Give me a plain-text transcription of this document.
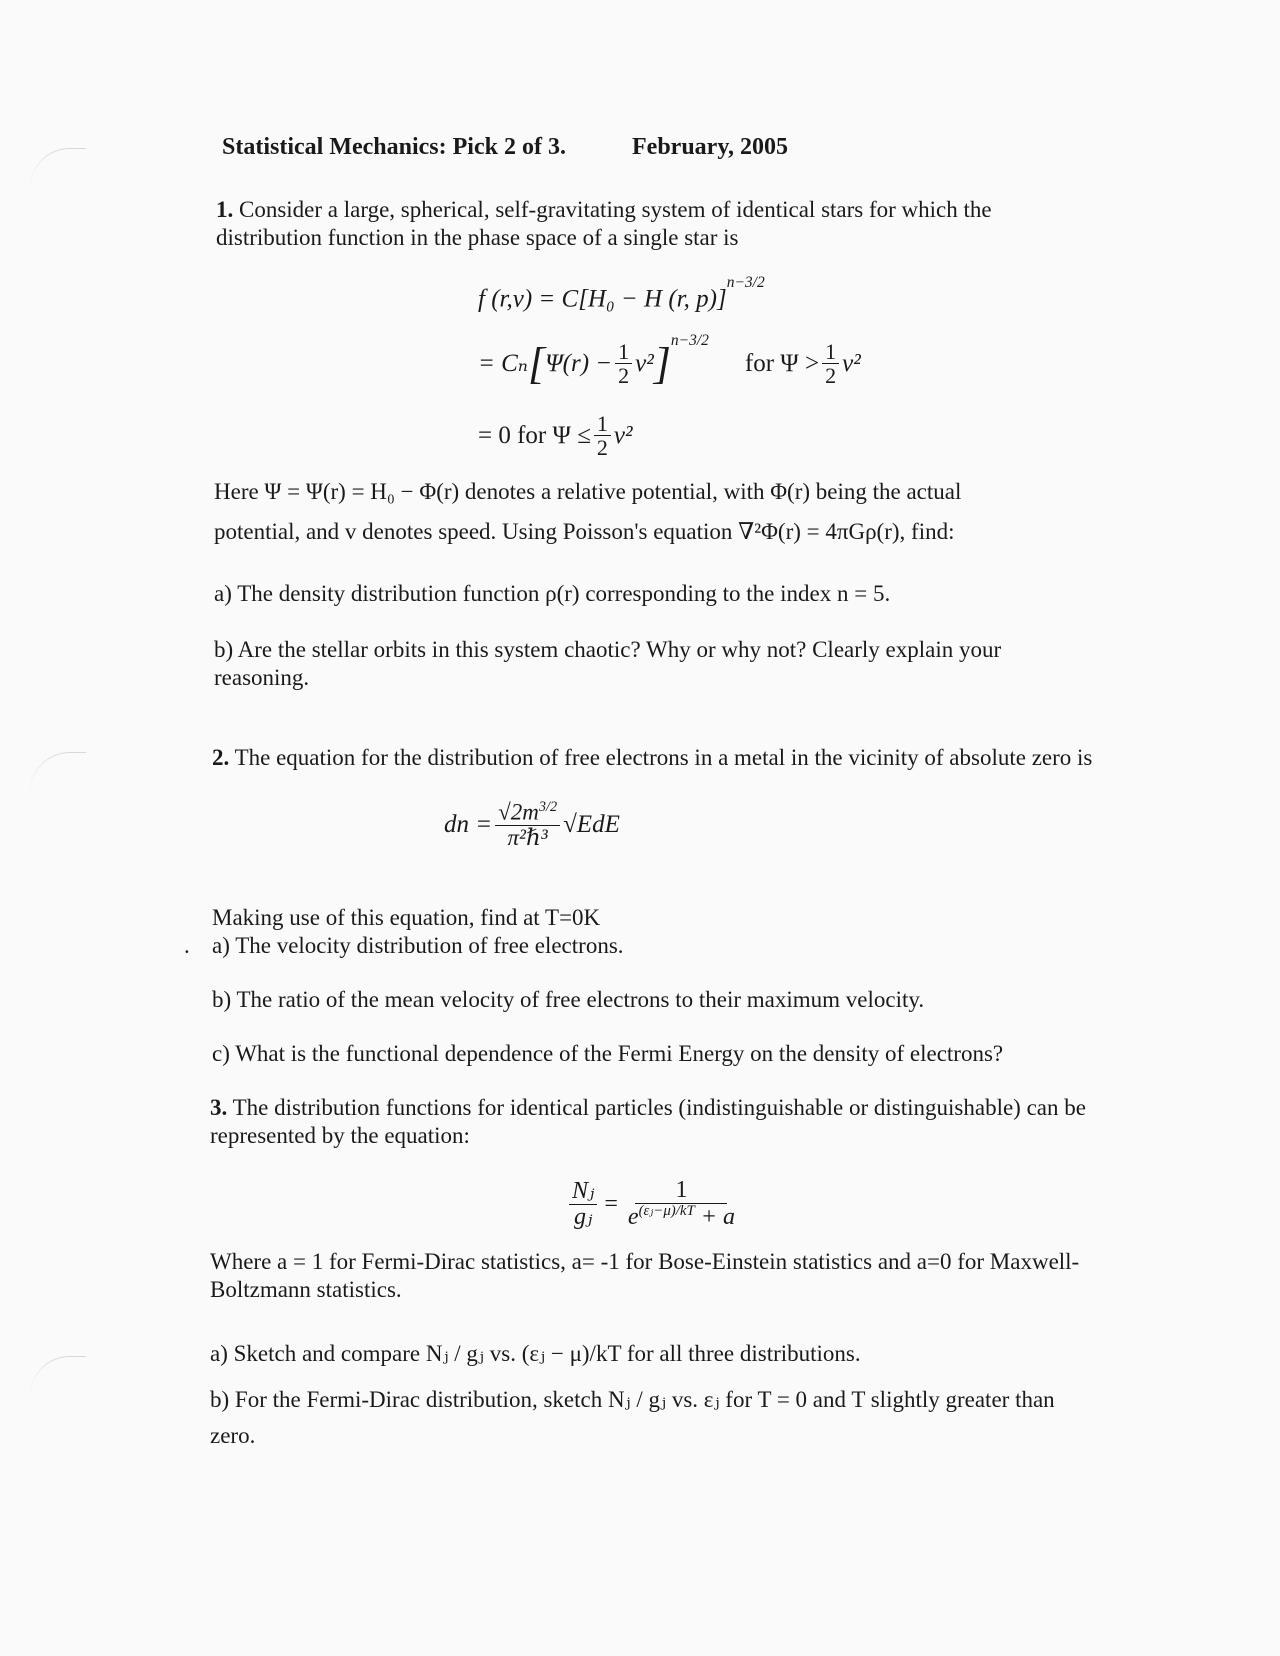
Statistical Mechanics: Pick 2 of 3.	February, 2005
1. Consider a large, spherical, self-gravitating system of identical stars for which the distribution function in the phase space of a single star is
f (r,v) = C[H₀ − H (r, p)]$^{n-3/2}$
= Cₙ [ $\Psi(r) - \frac{1}{2} v^2$ ]$^{n-3/2}$
for $\Psi > \frac{1}{2} v^2$
= 0 for $\Psi \le \frac{1}{2} v^2$
Here Ψ = Ψ(r) = H₀ − Φ(r) denotes a relative potential, with Φ(r) being the actual
potential, and v denotes speed. Using Poisson's equation ∇²Φ(r) = 4πGρ(r), find:
a) The density distribution function ρ(r) corresponding to the index n = 5.
b) Are the stellar orbits in this system chaotic? Why or why not? Clearly explain your reasoning.
2. The equation for the distribution of free electrons in a metal in the vicinity of absolute zero is
dn = $\frac{√2m^{3/2}}{\text{π²ℏ³}} √EdE$
Making use of this equation, find at T=0K
. a) The velocity distribution of free electrons.
b) The ratio of the mean velocity of free electrons to their maximum velocity.
c) What is the functional dependence of the Fermi Energy on the density of electrons?
3. The distribution functions for identical particles (indistinguishable or distinguishable) can be represented by the equation:
$\frac{\text{Nⱼ}}{\text{gⱼ}} = \frac{1}{e^{(\varepsilon ⱼ-\mu)/kT} + a}$
Where a = 1 for Fermi-Dirac statistics, a= -1 for Bose-Einstein statistics and a=0 for Maxwell-Boltzmann statistics.
a) Sketch and compare Nⱼ / gⱼ vs. (εⱼ − μ)/kT for all three distributions.
b) For the Fermi-Dirac distribution, sketch Nⱼ / gⱼ vs. εⱼ for T = 0 and T slightly greater than zero.
